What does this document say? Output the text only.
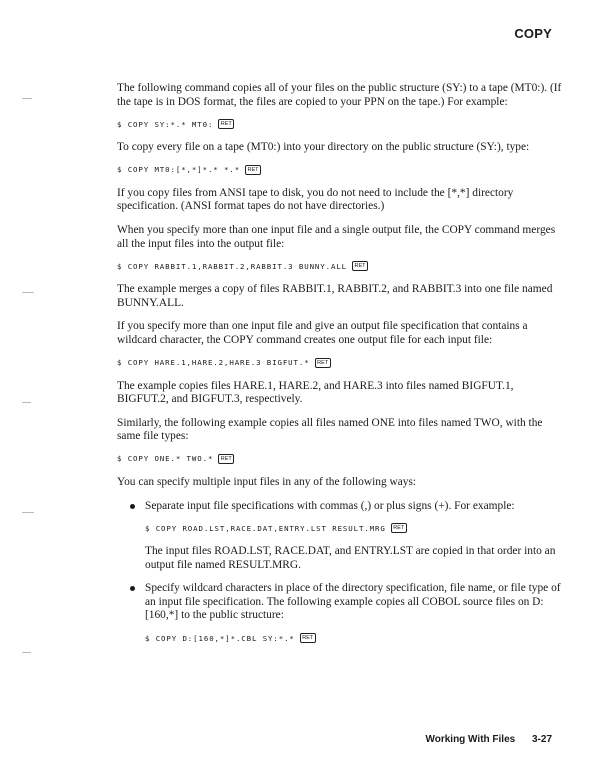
COPY

The following command copies all of your files on the public structure (SY:) to a tape (MT0:). (If the tape is in DOS format, the files are copied to your PPN on the tape.) For example:

$ COPY SY:*.* MT0:	RET

To copy every file on a tape (MT0:) into your directory on the public structure (SY:), type:

$ COPY MT0:[*,*]*.* *.*	RET

If you copy files from ANSI tape to disk, you do not need to include the [*,*] directory specification. (ANSI format tapes do not have directories.)

When you specify more than one input file and a single output file, the COPY command merges all the input files into the output file:

$ COPY RABBIT.1,RABBIT.2,RABBIT.3 BUNNY.ALL	RET

The example merges a copy of files RABBIT.1, RABBIT.2, and RABBIT.3 into one file named BUNNY.ALL.

If you specify more than one input file and give an output file specification that contains a wildcard character, the COPY command creates one output file for each input file:

$ COPY HARE.1,HARE.2,HARE.3 BIGFUT.*	RET

The example copies files HARE.1, HARE.2, and HARE.3 into files named BIGFUT.1, BIGFUT.2, and BIGFUT.3, respectively.

Similarly, the following example copies all files named ONE into files named TWO, with the same file types:

$ COPY ONE.* TWO.*	RET

You can specify multiple input files in any of the following ways:

Separate input file specifications with commas (,) or plus signs (+). For example:

$ COPY ROAD.LST,RACE.DAT,ENTRY.LST RESULT.MRG	RET

The input files ROAD.LST, RACE.DAT, and ENTRY.LST are copied in that order into an output file named RESULT.MRG.

Specify wildcard characters in place of the directory specification, file name, or file type of an input file specification. The following example copies all COBOL source files on D:[160,*] to the public structure:

$ COPY D:[160,*]*.CBL SY:*.*	RET
Working With Files 3-27
